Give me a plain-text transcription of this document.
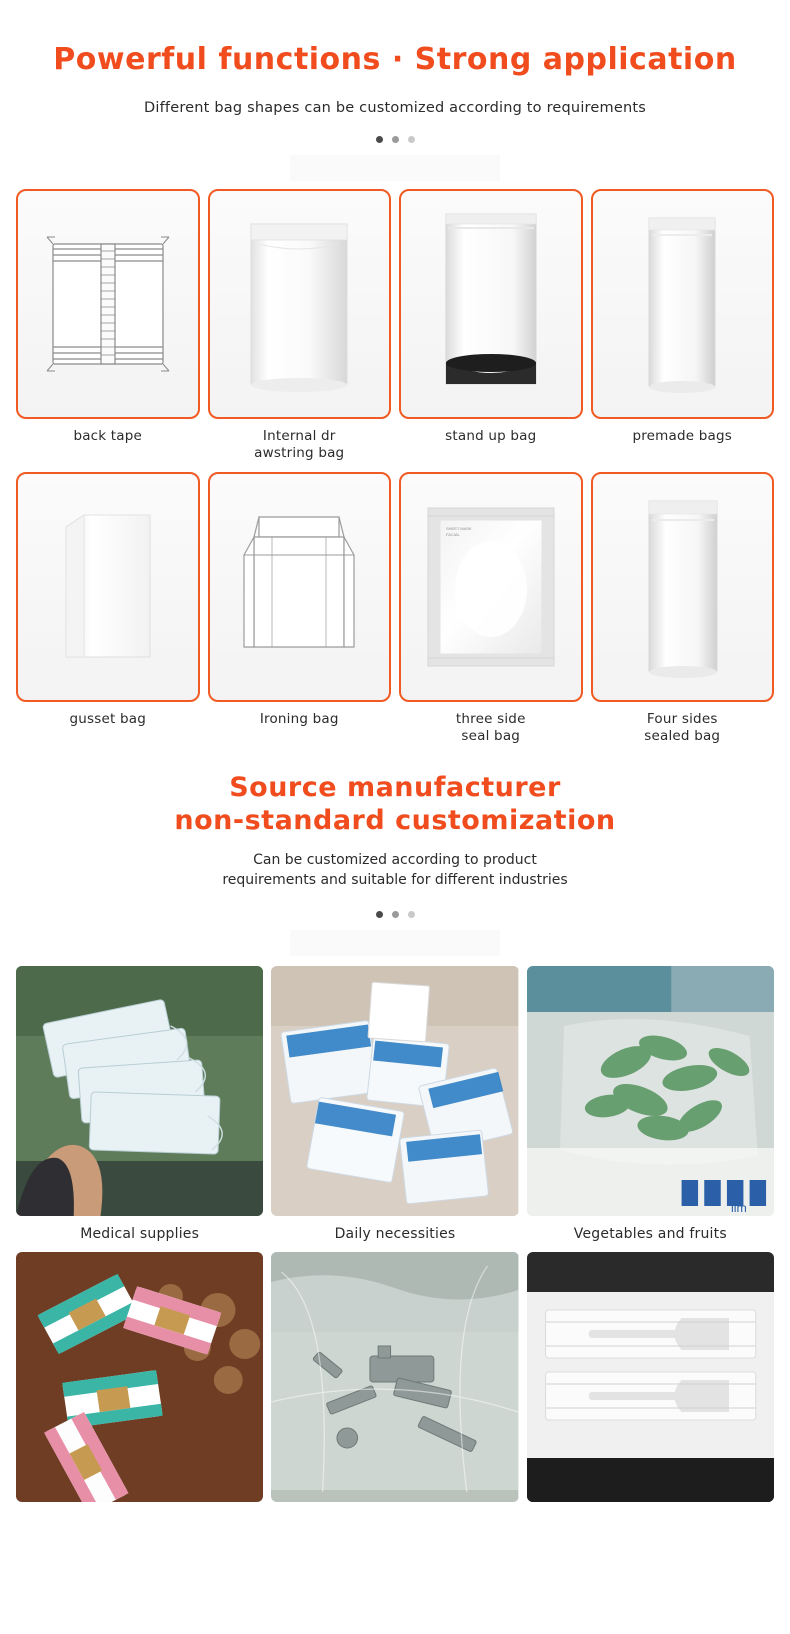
Powerful functions · Strong application
Different bag shapes can be customized according to requirements
back tape	Internal dr
awstring bag
stand up bag	premade bags
gusset bag	Ironing bag
SHEET MASK
FACIAL
three side
seal bag
Four sides
sealed bag
Source manufacturer
non-standard customization
Can be customized according to product
requirements and suitable for different industries
Medical supplies	Daily necessities
ilm
Vegetables and fruits
